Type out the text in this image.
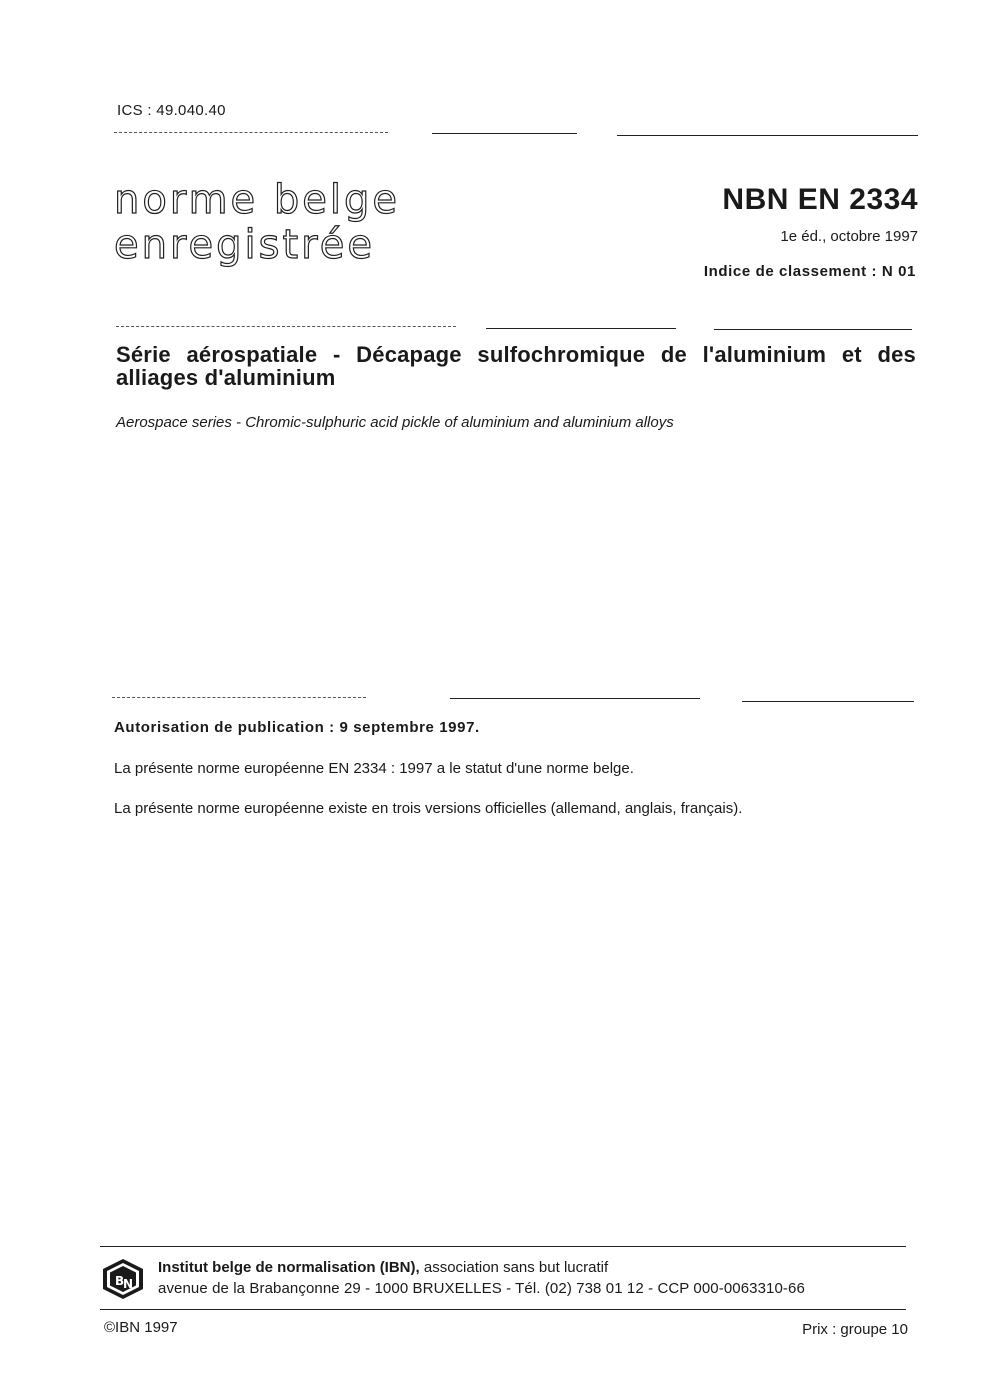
ICS : 49.040.40
norme belge
enregistrée
NBN EN 2334
1e éd., octobre 1997
Indice de classement : N 01
Série aérospatiale - Décapage sulfochromique de l'aluminium et des alliages d'aluminium
Aerospace series - Chromic-sulphuric acid pickle of aluminium and aluminium alloys
Autorisation de publication : 9 septembre 1997.
La présente norme européenne EN 2334 : 1997 a le statut d'une norme belge.
La présente norme européenne existe en trois versions officielles (allemand, anglais, français).
B
N
Institut belge de normalisation (IBN), association sans but lucratif
avenue de la Brabançonne 29 - 1000 BRUXELLES - Tél. (02) 738 01 12 - CCP 000-0063310-66
©IBN 1997	Prix : groupe 10
